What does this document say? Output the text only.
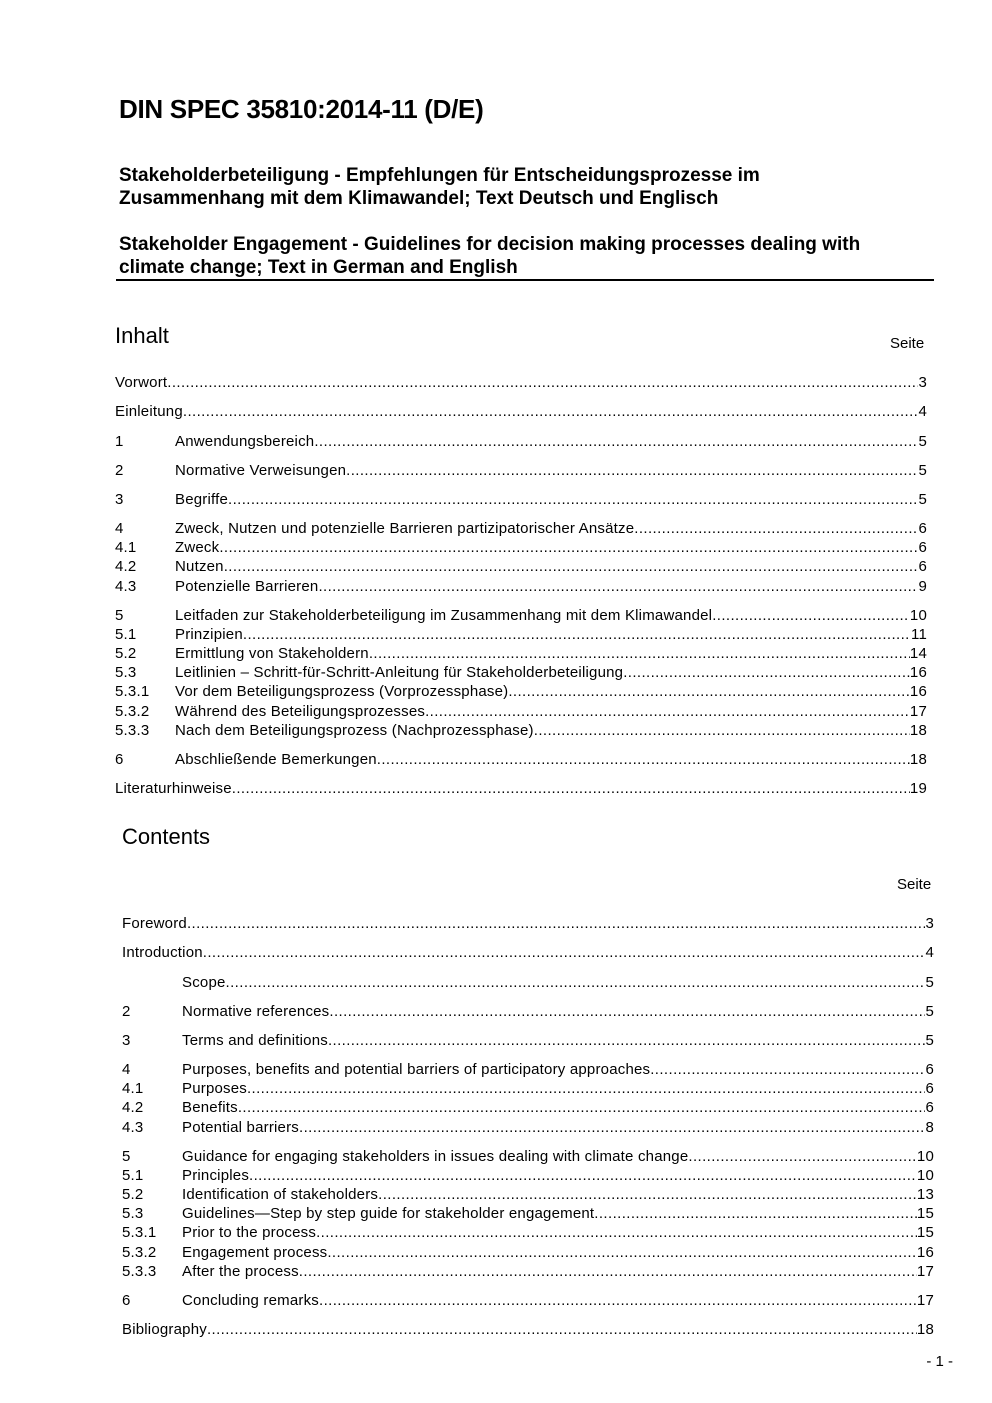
DIN SPEC 35810:2014-11 (D/E)
Stakeholderbeteiligung - Empfehlungen für Entscheidungsprozesse im
Zusammenhang mit dem Klimawandel; Text Deutsch und Englisch
Stakeholder Engagement - Guidelines for decision making processes dealing with
climate change; Text in German and English
Inhalt	Seite
Vorwort .....	3
Einleitung .....	4
1	Anwendungsbereich .....	5
2	Normative Verweisungen .....	5
3	Begriffe .....	5
4	Zweck, Nutzen und potenzielle Barrieren partizipatorischer Ansätze .....	6
4.1	Zweck .....	6
4.2	Nutzen .....	6
4.3	Potenzielle Barrieren .....	9
5	Leitfaden zur Stakeholderbeteiligung im Zusammenhang mit dem Klimawandel .....	10
5.1	Prinzipien .....	11
5.2	Ermittlung von Stakeholdern .....	14
5.3	Leitlinien – Schritt-für-Schritt-Anleitung für Stakeholderbeteiligung .....	16
5.3.1	Vor dem Beteiligungsprozess (Vorprozessphase) .....	16
5.3.2	Während des Beteiligungsprozesses .....	17
5.3.3	Nach dem Beteiligungsprozess (Nachprozessphase) .....	18
6	Abschließende Bemerkungen .....	18
Literaturhinweise .....	19
Contents
Seite
Foreword .....	3
Introduction .....	4
Scope .....	5
2	Normative references .....	5
3	Terms and definitions .....	5
4	Purposes, benefits and potential barriers of participatory approaches .....	6
4.1	Purposes .....	6
4.2	Benefits .....	6
4.3	Potential barriers .....	8
5	Guidance for engaging stakeholders in issues dealing with climate change .....	10
5.1	Principles .....	10
5.2	Identification of stakeholders .....	13
5.3	Guidelines—Step by step guide for stakeholder engagement .....	15
5.3.1	Prior to the process .....	15
5.3.2	Engagement process .....	16
5.3.3	After the process .....	17
6	Concluding remarks .....	17
Bibliography .....	18
- 1 -
